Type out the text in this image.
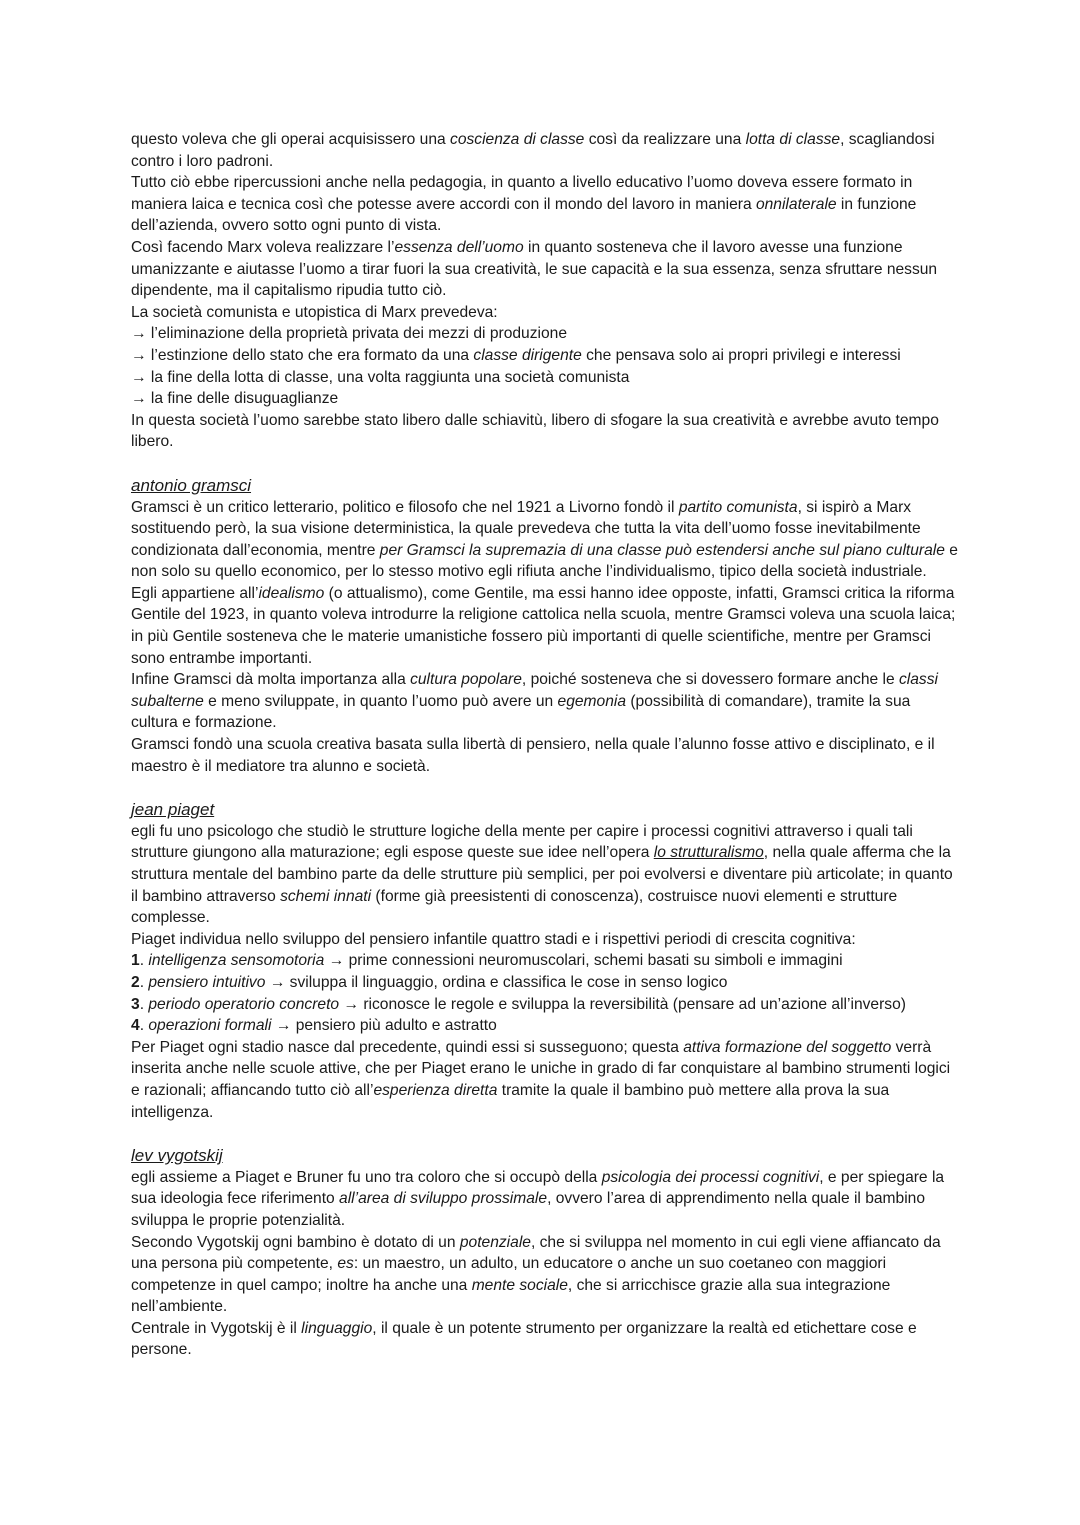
questo voleva che gli operai acquisissero una coscienza di classe così da realizzare una lotta di classe, scagliandosi contro i loro padroni.

Tutto ciò ebbe ripercussioni anche nella pedagogia, in quanto a livello educativo l’uomo doveva essere formato in maniera laica e tecnica così che potesse avere accordi con il mondo del lavoro in maniera onnilaterale in funzione dell’azienda, ovvero sotto ogni punto di vista.

Così facendo Marx voleva realizzare l’essenza dell’uomo in quanto sosteneva che il lavoro avesse una funzione umanizzante e aiutasse l’uomo a tirar fuori la sua creatività, le sue capacità e la sua essenza, senza sfruttare nessun dipendente, ma il capitalismo ripudia tutto ciò.

La società comunista e utopistica di Marx prevedeva:

→ l’eliminazione della proprietà privata dei mezzi di produzione

→ l’estinzione dello stato che era formato da una classe dirigente che pensava solo ai propri privilegi e interessi

→ la fine della lotta di classe, una volta raggiunta una società comunista

→ la fine delle disuguaglianze

In questa società l’uomo sarebbe stato libero dalle schiavitù, libero di sfogare la sua creatività e avrebbe avuto tempo libero.

antonio gramsci

Gramsci è un critico letterario, politico e filosofo che nel 1921 a Livorno fondò il partito comunista, si ispirò a Marx sostituendo però, la sua visione deterministica, la quale prevedeva che tutta la vita dell’uomo fosse inevitabilmente condizionata dall’economia, mentre per Gramsci la supremazia di una classe può estendersi anche sul piano culturale e non solo su quello economico, per lo stesso motivo egli rifiuta anche l’individualismo, tipico della società industriale.

Egli appartiene all’idealismo (o attualismo), come Gentile, ma essi hanno idee opposte, infatti, Gramsci critica la riforma Gentile del 1923, in quanto voleva introdurre la religione cattolica nella scuola, mentre Gramsci voleva una scuola laica; in più Gentile sosteneva che le materie umanistiche fossero più importanti di quelle scientifiche, mentre per Gramsci sono entrambe importanti.

Infine Gramsci dà molta importanza alla cultura popolare, poiché sosteneva che si dovessero formare anche le classi subalterne e meno sviluppate, in quanto l’uomo può avere un egemonia (possibilità di comandare), tramite la sua cultura e formazione.

Gramsci fondò una scuola creativa basata sulla libertà di pensiero, nella quale l’alunno fosse attivo e disciplinato, e il maestro è il mediatore tra alunno e società.

jean piaget

egli fu uno psicologo che studiò le strutture logiche della mente per capire i processi cognitivi attraverso i quali tali strutture giungono alla maturazione; egli espose queste sue idee nell’opera lo strutturalismo, nella quale afferma che la struttura mentale del bambino parte da delle strutture più semplici, per poi evolversi e diventare più articolate; in quanto il bambino attraverso schemi innati (forme già preesistenti di conoscenza), costruisce nuovi elementi e strutture complesse.

Piaget individua nello sviluppo del pensiero infantile quattro stadi e i rispettivi periodi di crescita cognitiva:

1. intelligenza sensomotoria → prime connessioni neuromuscolari, schemi basati su simboli e immagini

2. pensiero intuitivo → sviluppa il linguaggio, ordina e classifica le cose in senso logico

3. periodo operatorio concreto → riconosce le regole e sviluppa la reversibilità (pensare ad un’azione all’inverso)

4. operazioni formali → pensiero più adulto e astratto

Per Piaget ogni stadio nasce dal precedente, quindi essi si susseguono; questa attiva formazione del soggetto verrà inserita anche nelle scuole attive, che per Piaget erano le uniche in grado di far conquistare al bambino strumenti logici e razionali; affiancando tutto ciò all’esperienza diretta tramite la quale il bambino può mettere alla prova la sua intelligenza.

lev vygotskij

egli assieme a Piaget e Bruner fu uno tra coloro che si occupò della psicologia dei processi cognitivi, e per spiegare la sua ideologia fece riferimento all’area di sviluppo prossimale, ovvero l’area di apprendimento nella quale il bambino sviluppa le proprie potenzialità.

Secondo Vygotskij ogni bambino è dotato di un potenziale, che si sviluppa nel momento in cui egli viene affiancato da una persona più competente, es: un maestro, un adulto, un educatore o anche un suo coetaneo con maggiori competenze in quel campo; inoltre ha anche una mente sociale, che si arricchisce grazie alla sua integrazione nell’ambiente.

Centrale in Vygotskij è il linguaggio, il quale è un potente strumento per organizzare la realtà ed etichettare cose e persone.
